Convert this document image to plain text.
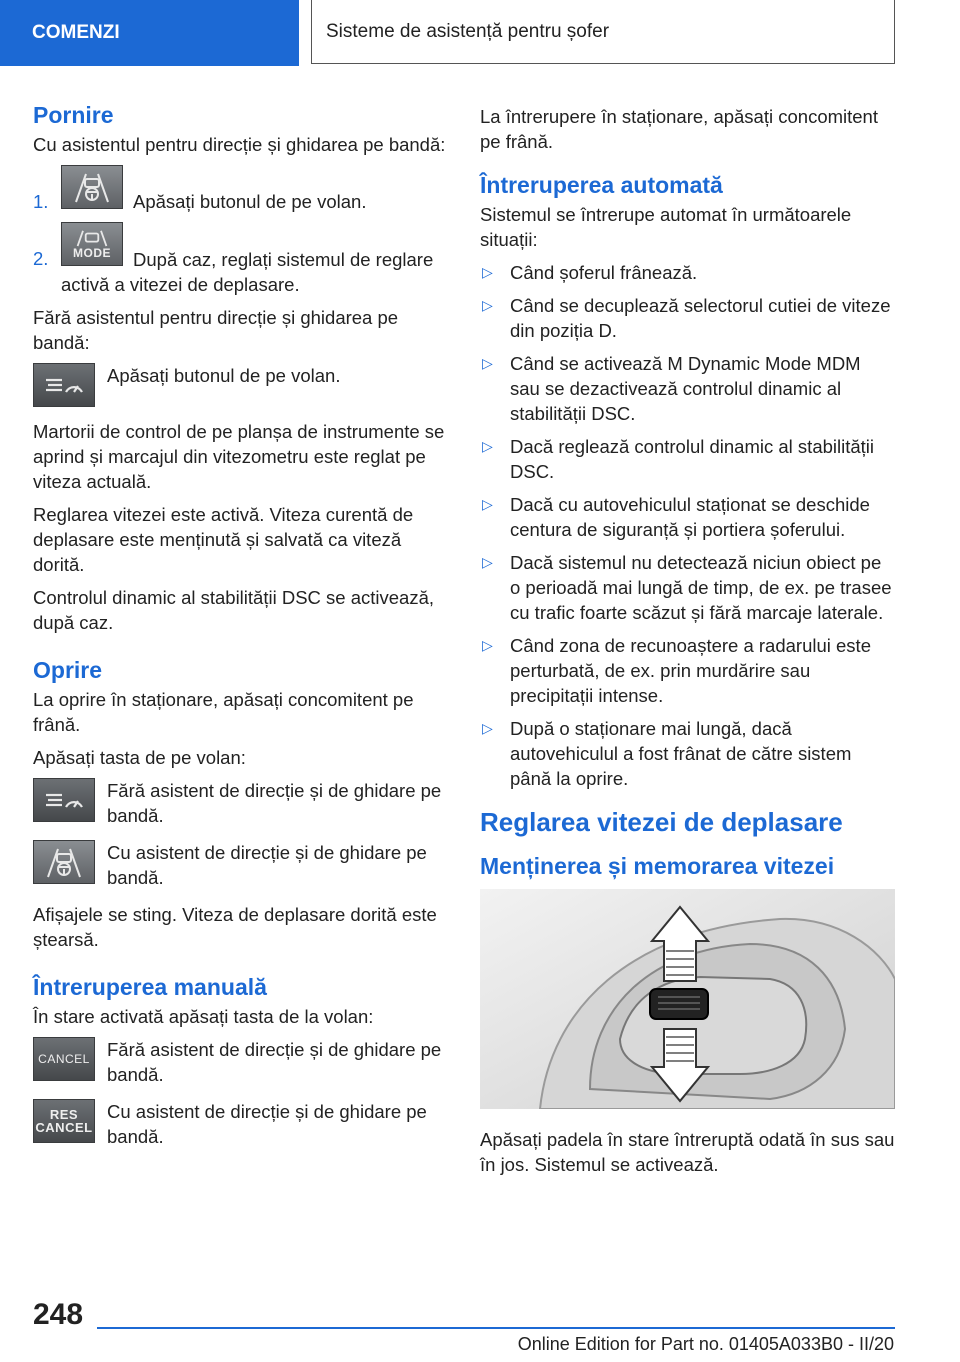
COMENZI	Sisteme de asistență pentru șofer
Pornire

Cu asistentul pentru direcție și ghidarea pe bandă:

1.	Apăsați butonul de pe volan.
2.	MODE	După caz, reglați sistemul de reglare activă a vitezei de deplasare.

Fără asistentul pentru direcție și ghidarea pe bandă:

Apăsați butonul de pe volan.

Martorii de control de pe planșa de instrumente se aprind și marcajul din vitezometru este reglat pe viteza actuală.

Reglarea vitezei este activă. Viteza curentă de deplasare este menținută și salvată ca viteză dorită.

Controlul dinamic al stabilității DSC se activează, după caz.

Oprire

La oprire în staționare, apăsați concomitent pe frână.

Apăsați tasta de pe volan:

Fără asistent de direcție și de ghidare pe bandă.
Cu asistent de direcție și de ghidare pe bandă.

Afișajele se sting. Viteza de deplasare dorită este ștearsă.

Întreruperea manuală

În stare activată apăsați tasta de la volan:

CANCEL Fără asistent de direcție și de ghidare pe bandă.
RES
CANCEL
Cu asistent de direcție și de ghidare pe bandă.

La întrerupere în staționare, apăsați concomitent pe frână.

Întreruperea automată

Sistemul se întrerupe automat în următoarele situații:

▷ Când șoferul frânează.
▷ Când se decuplează selectorul cutiei de viteze din poziția D.
▷ Când se activează M Dynamic Mode MDM sau se dezactivează controlul dinamic al stabilității DSC.
▷ Dacă reglează controlul dinamic al stabilității DSC.
▷ Dacă cu autovehiculul staționat se deschide centura de siguranță și portiera șoferului.
▷ Dacă sistemul nu detectează niciun obiect pe o perioadă mai lungă de timp, de ex. pe trasee cu trafic foarte scăzut și fără marcaje laterale.
▷ Când zona de recunoaștere a radarului este perturbată, de ex. prin murdărire sau precipitații intense.
▷ După o staționare mai lungă, dacă autovehiculul a fost frânat de către sistem până la oprire.
Reglarea vitezei de deplasare
Menținerea și memorarea vitezei

Apăsați padela în stare întreruptă odată în sus sau în jos. Sistemul se activează.

248
Online Edition for Part no. 01405A033B0 - II/20
